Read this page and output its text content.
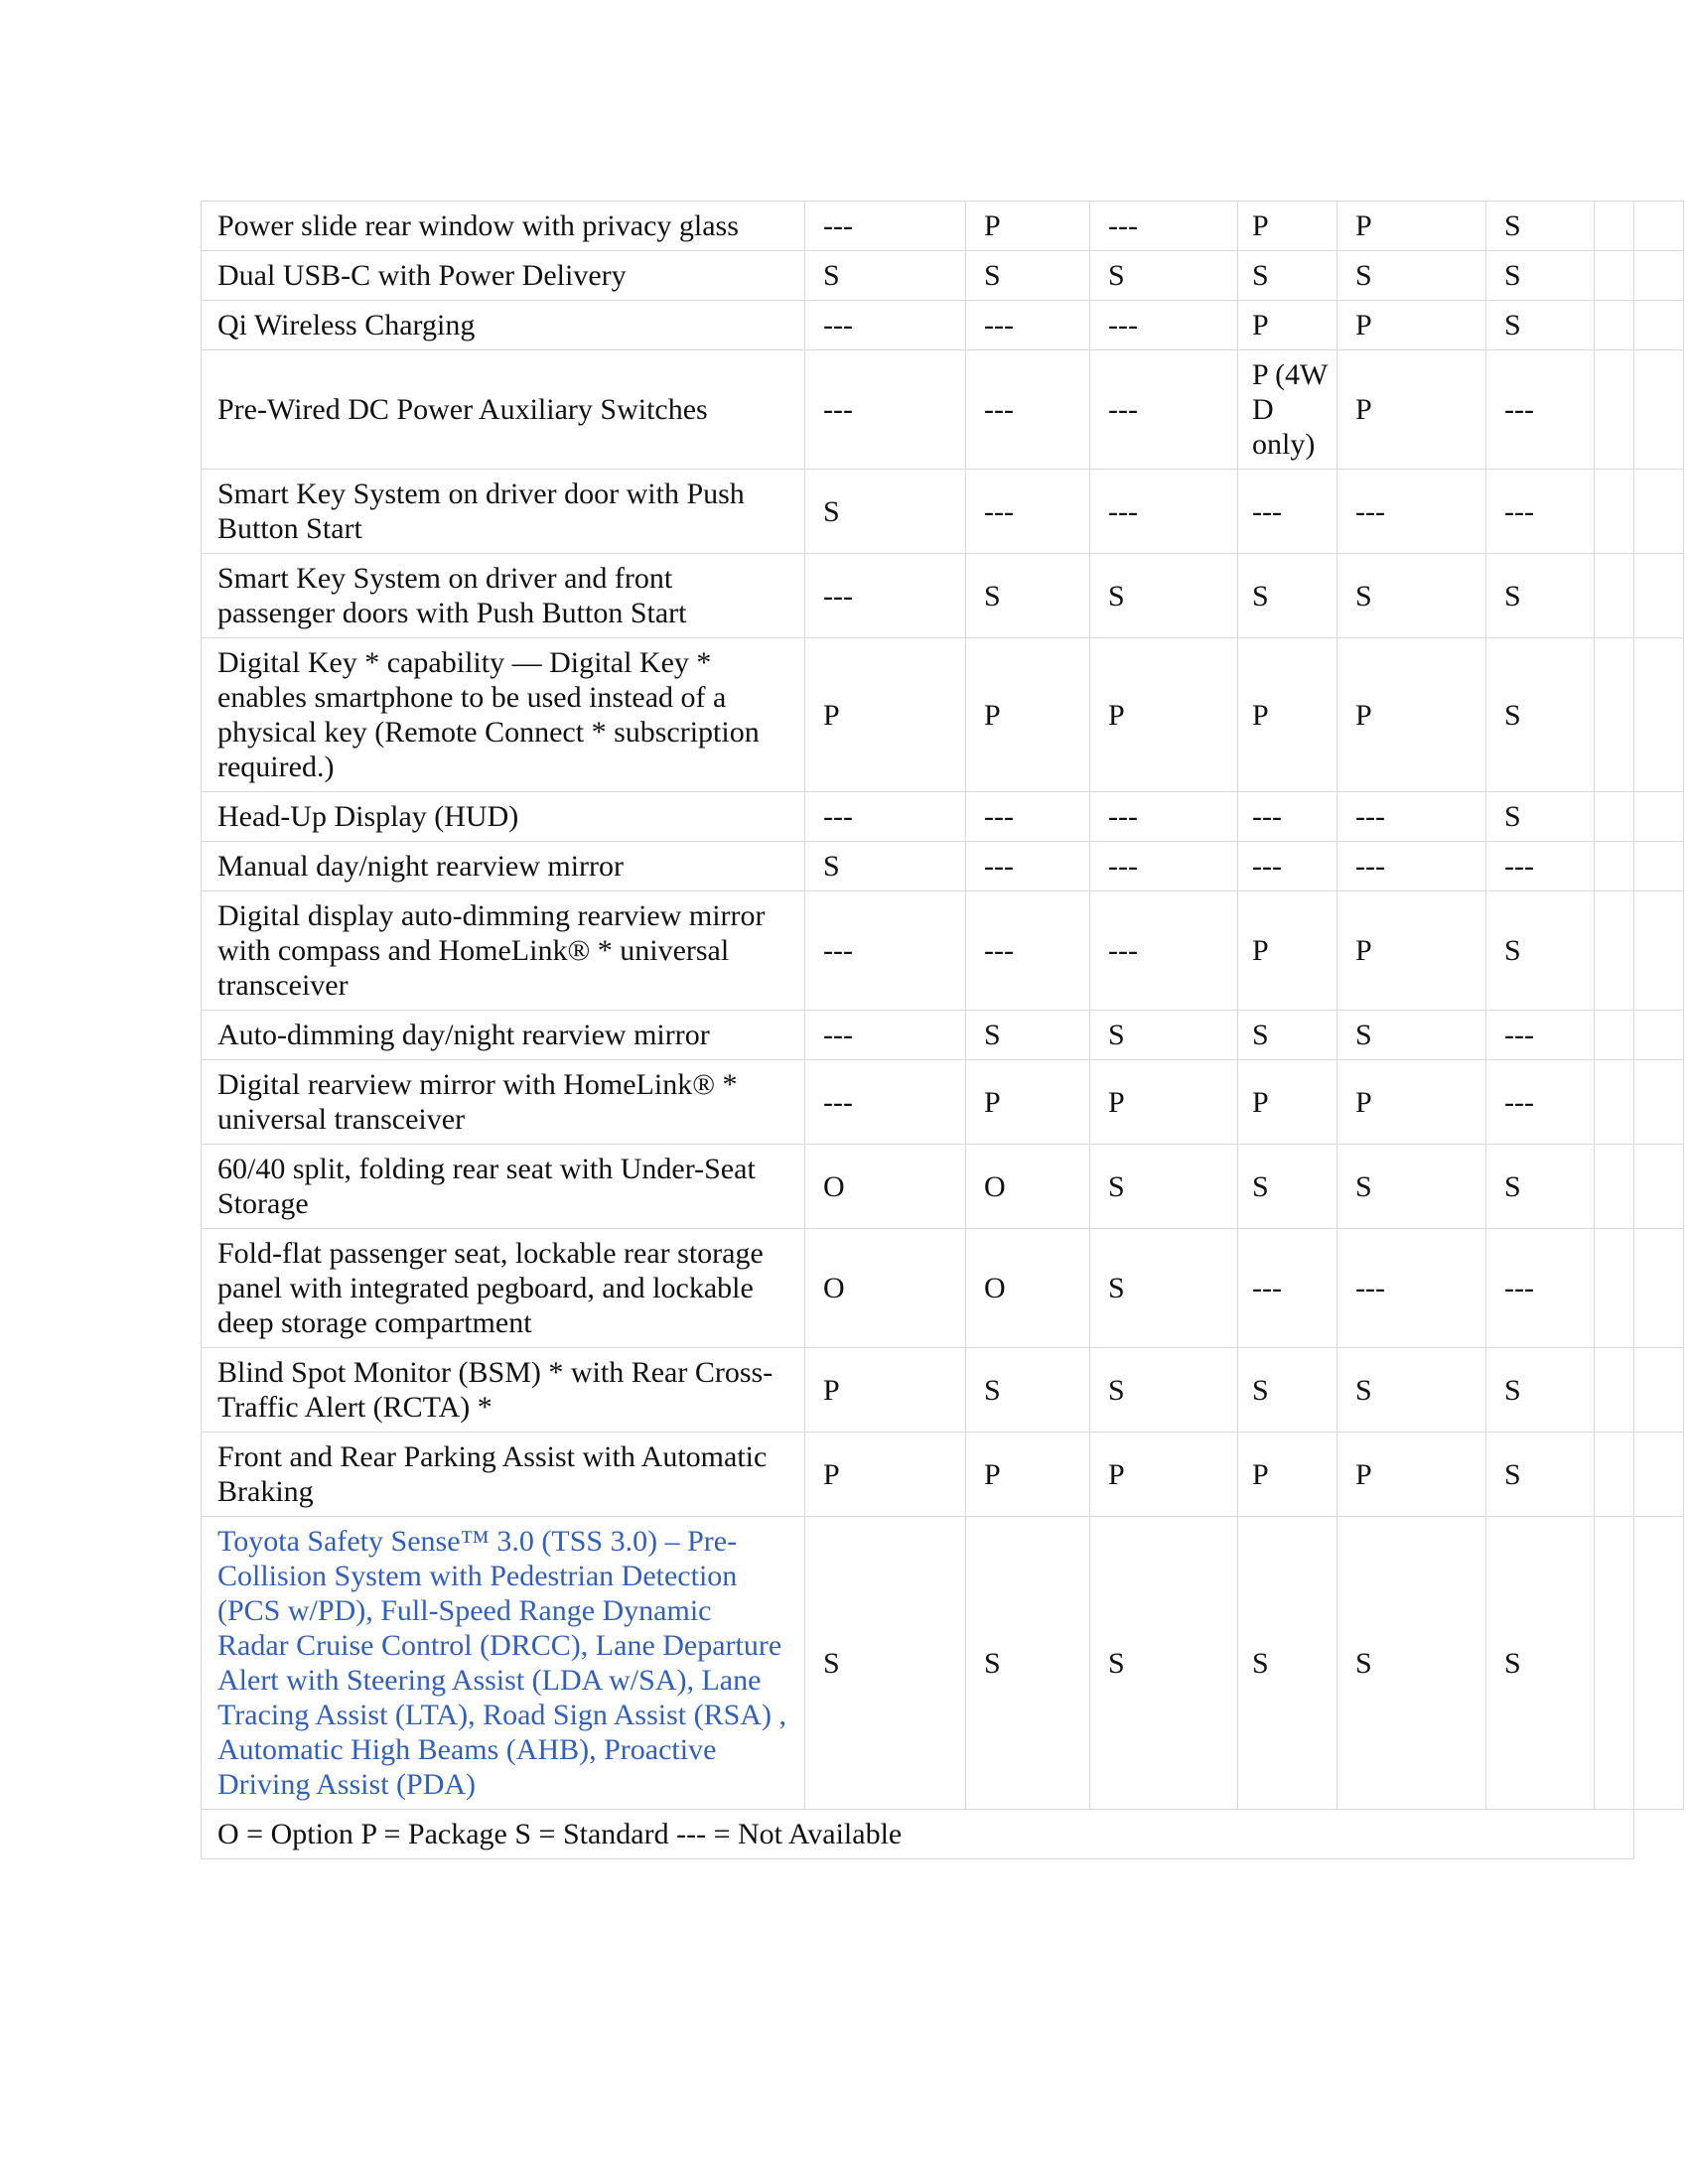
Power slide rear window with privacy glass	---	P	---	P	P	S		
Dual USB-C with Power Delivery	S	S	S	S	S	S		
Qi Wireless Charging	---	---	---	P	P	S		
Pre-Wired DC Power Auxiliary Switches	---	---	---	P (4W D only)	P	---		
Smart Key System on driver door with Push Button Start	S	---	---	---	---	---		
Smart Key System on driver and front passenger doors with Push Button Start	---	S	S	S	S	S		
Digital Key * capability — Digital Key * enables smartphone to be used instead of a physical key (Remote Connect * subscription required.)	P	P	P	P	P	S		
Head-Up Display (HUD)	---	---	---	---	---	S		
Manual day/night rearview mirror	S	---	---	---	---	---		
Digital display auto-dimming rearview mirror with compass and HomeLink® * universal transceiver	---	---	---	P	P	S		
Auto-dimming day/night rearview mirror	---	S	S	S	S	---		
Digital rearview mirror with HomeLink® * universal transceiver	---	P	P	P	P	---		
60/40 split, folding rear seat with Under-Seat Storage	O	O	S	S	S	S		
Fold-flat passenger seat, lockable rear storage panel with integrated pegboard, and lockable deep storage compartment	O	O	S	---	---	---		
Blind Spot Monitor (BSM) * with Rear Cross-Traffic Alert (RCTA) *	P	S	S	S	S	S		
Front and Rear Parking Assist with Automatic Braking	P	P	P	P	P	S		
Toyota Safety Sense™ 3.0 (TSS 3.0) – Pre-Collision System with Pedestrian Detection (PCS w/PD), Full-Speed Range Dynamic Radar Cruise Control (DRCC), Lane Departure Alert with Steering Assist (LDA w/SA), Lane Tracing Assist (LTA), Road Sign Assist (RSA) , Automatic High Beams (AHB), Proactive Driving Assist (PDA)	S	S	S	S	S	S		
O = Option P = Package S = Standard --- = Not Available								
